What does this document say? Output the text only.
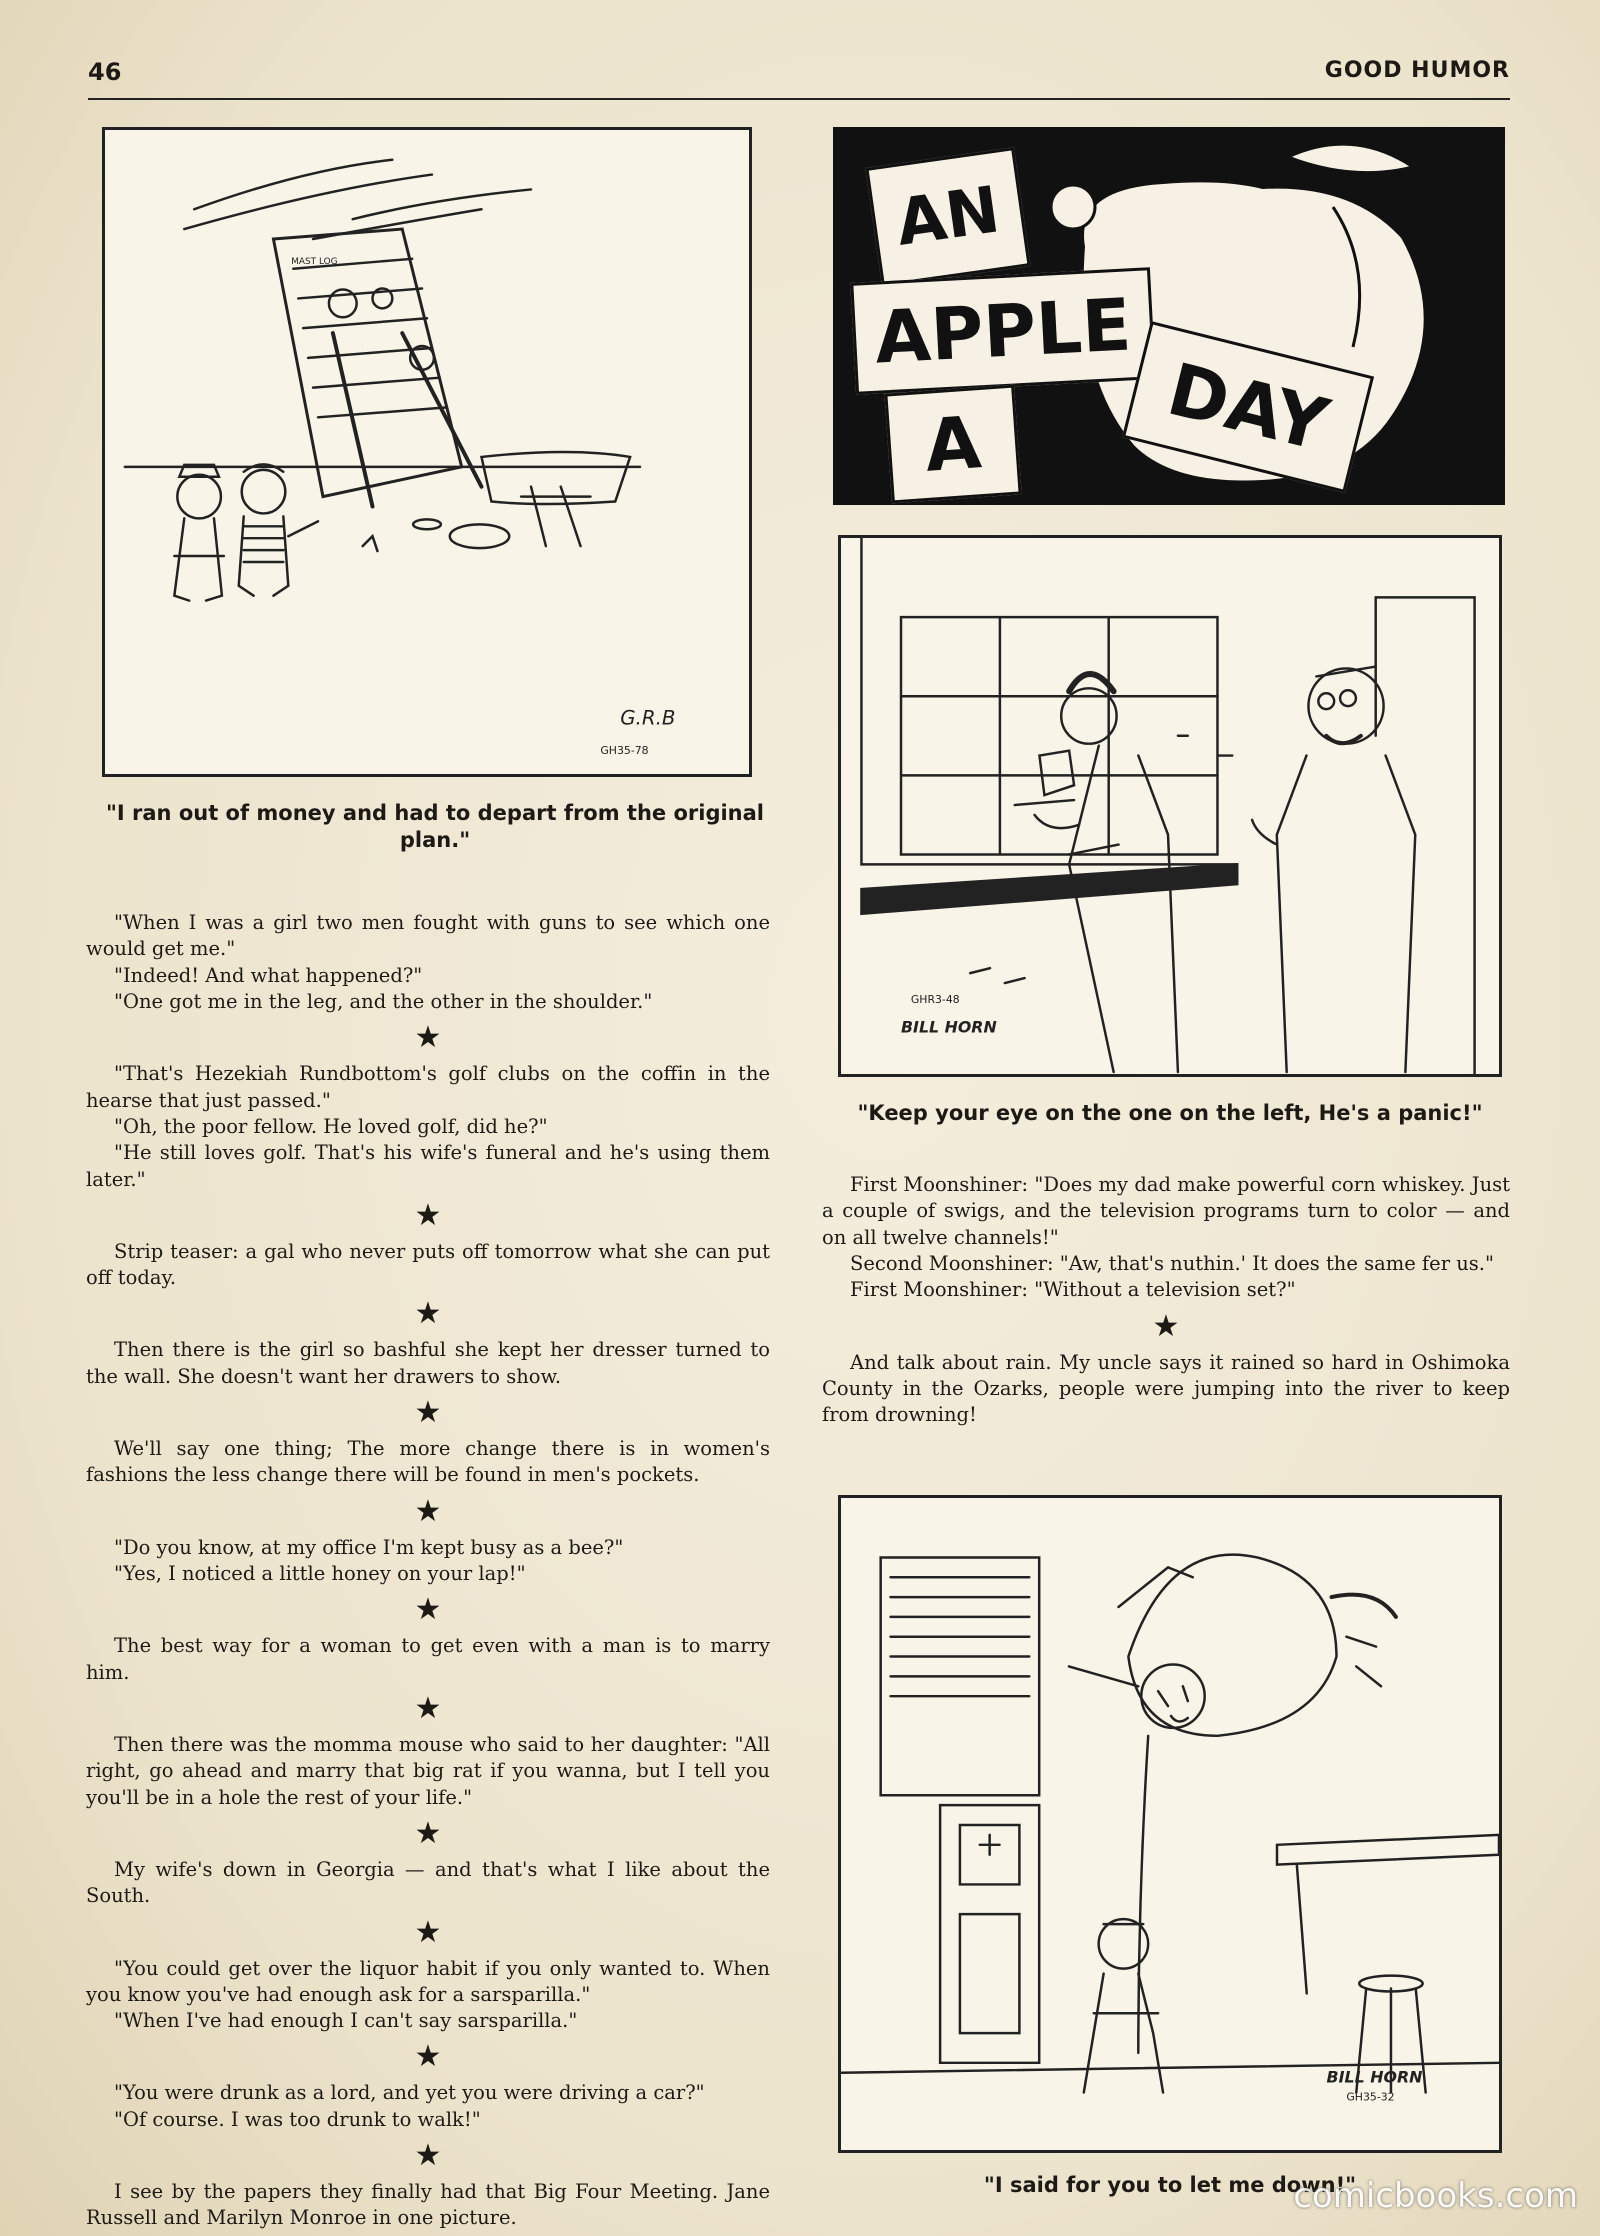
46	GOOD HUMOR
G.R.B
GH35-78
MAST LOG
"I ran out of money and had to depart from the original plan."

"When I was a girl two men fought with guns to see which one would get me."

"Indeed! And what happened?"

"One got me in the leg, and the other in the shoulder."

★

"That's Hezekiah Rundbottom's golf clubs on the coffin in the hearse that just passed."

"Oh, the poor fellow. He loved golf, did he?"

"He still loves golf. That's his wife's funeral and he's using them later."

★

Strip teaser: a gal who never puts off tomorrow what she can put off today.

★

Then there is the girl so bashful she kept her dresser turned to the wall. She doesn't want her drawers to show.

★

We'll say one thing; The more change there is in women's fashions the less change there will be found in men's pockets.

★

"Do you know, at my office I'm kept busy as a bee?"

"Yes, I noticed a little honey on your lap!"

★

The best way for a woman to get even with a man is to marry him.

★

Then there was the momma mouse who said to her daughter: "All right, go ahead and marry that big rat if you wanna, but I tell you you'll be in a hole the rest of your life."

★

My wife's down in Georgia — and that's what I like about the South.

★

"You could get over the liquor habit if you only wanted to. When you know you've had enough ask for a sarsparilla."

"When I've had enough I can't say sarsparilla."

★

"You were drunk as a lord, and yet you were driving a car?"

"Of course. I was too drunk to walk!"

★

I see by the papers they finally had that Big Four Meeting. Jane Russell and Marilyn Monroe in one picture.

AN
APPLE
A	DAY
GHR3-48
BILL HORN
"Keep your eye on the one on the left, He's a panic!"

First Moonshiner: "Does my dad make powerful corn whiskey. Just a couple of swigs, and the television programs turn to color — and on all twelve channels!"

Second Moonshiner: "Aw, that's nuthin.' It does the same fer us."

First Moonshiner: "Without a television set?"

★

And talk about rain. My uncle says it rained so hard in Oshimoka County in the Ozarks, people were jumping into the river to keep from drowning!

BILL HORN
GH35-32
"I said for you to let me down!"
comicbooks.com
